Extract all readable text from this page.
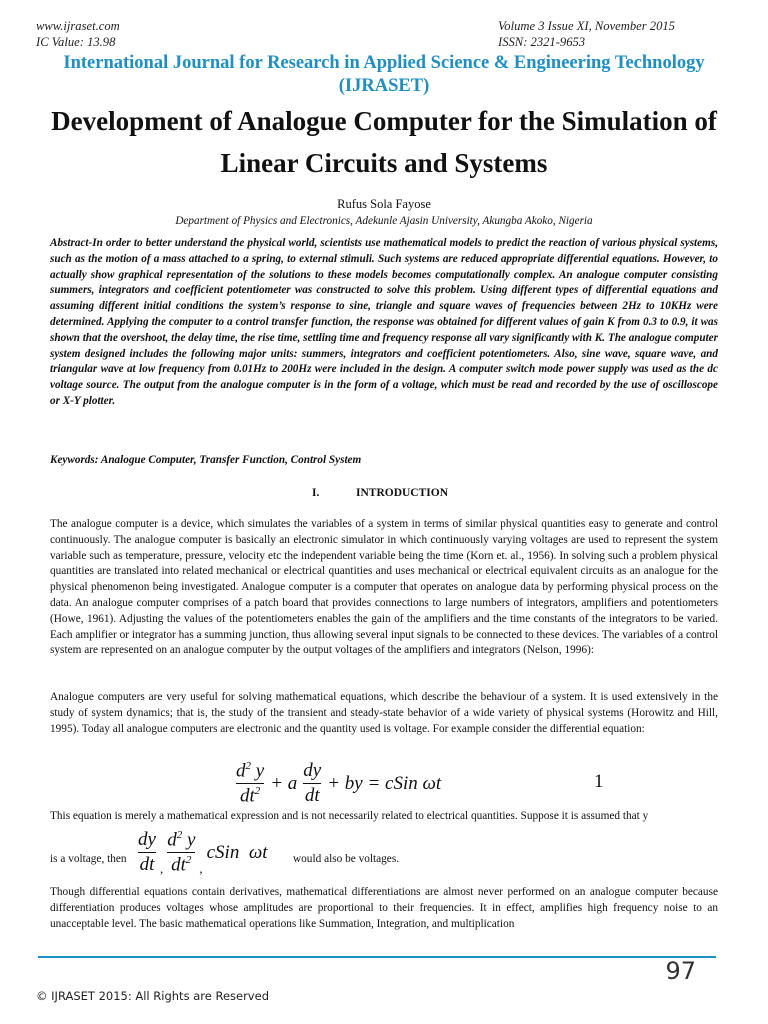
www.ijraset.com
IC Value: 13.98
Volume 3 Issue XI, November 2015
ISSN: 2321-9653
International Journal for Research in Applied Science & Engineering Technology (IJRASET)
Development of Analogue Computer for the Simulation of Linear Circuits and Systems
Rufus Sola Fayose
Department of Physics and Electronics, Adekunle Ajasin University, Akungba Akoko, Nigeria
Abstract-In order to better understand the physical world, scientists use mathematical models to predict the reaction of various physical systems, such as the motion of a mass attached to a spring, to external stimuli. Such systems are reduced appropriate differential equations. However, to actually show graphical representation of the solutions to these models becomes computationally complex. An analogue computer consisting summers, integrators and coefficient potentiometer was constructed to solve this problem. Using different types of differential equations and assuming different initial conditions the system’s response to sine, triangle and square waves of frequencies between 2Hz to 10KHz were determined. Applying the computer to a control transfer function, the response was obtained for different values of gain K from 0.3 to 0.9, it was shown that the overshoot, the delay time, the rise time, settling time and frequency response all vary significantly with K. The analogue computer system designed includes the following major units: summers, integrators and coefficient potentiometers. Also, sine wave, square wave, and triangular wave at low frequency from 0.01Hz to 200Hz were included in the design. A computer switch mode power supply was used as the dc voltage source. The output from the analogue computer is in the form of a voltage, which must be read and recorded by the use of oscilloscope or X-Y plotter.
Keywords: Analogue Computer, Transfer Function, Control System
I.	INTRODUCTION
The analogue computer is a device, which simulates the variables of a system in terms of similar physical quantities easy to generate and control continuously. The analogue computer is basically an electronic simulator in which continuously varying voltages are used to represent the system variable such as temperature, pressure, velocity etc the independent variable being the time (Korn et. al., 1956). In solving such a problem physical quantities are translated into related mechanical or electrical quantities and uses mechanical or electrical equivalent circuits as an analogue for the physical phenomenon being investigated. Analogue computer is a computer that operates on analogue data by performing physical process on the data. An analogue computer comprises of a patch board that provides connections to large numbers of integrators, amplifiers and potentiometers (Howe, 1961). Adjusting the values of the potentiometers enables the gain of the amplifiers and the time constants of the integrators to be varied. Each amplifier or integrator has a summing junction, thus allowing several input signals to be connected to these devices. The variables of a control system are represented on an analogue computer by the output voltages of the amplifiers and integrators (Nelson, 1996):
Analogue computers are very useful for solving mathematical equations, which describe the behaviour of a system. It is used extensively in the study of system dynamics; that is, the study of the transient and steady-state behavior of a wide variety of physical systems (Horowitz and Hill, 1995). Today all analogue computers are electronic and the quantity used is voltage. For example consider the differential equation:
$\frac{d^2 y}{dt^2} + a \frac{dy}{dt}$ + by = cSin ωt	1
This equation is merely a mathematical expression and is not necessarily related to electrical quantities. Suppose it is assumed that y
is a voltage, then $\frac{dy}{dt}$ , $\frac{d^2 y}{dt^2}$ ,
cSin  ωt would also be voltages.
Though differential equations contain derivatives, mathematical differentiations are almost never performed on an analogue computer because differentiation produces voltages whose amplitudes are proportional to their frequencies. It in effect, amplifies high frequency noise to an unacceptable level. The basic mathematical operations like Summation, Integration, and multiplication
97
© IJRASET 2015: All Rights are Reserved
